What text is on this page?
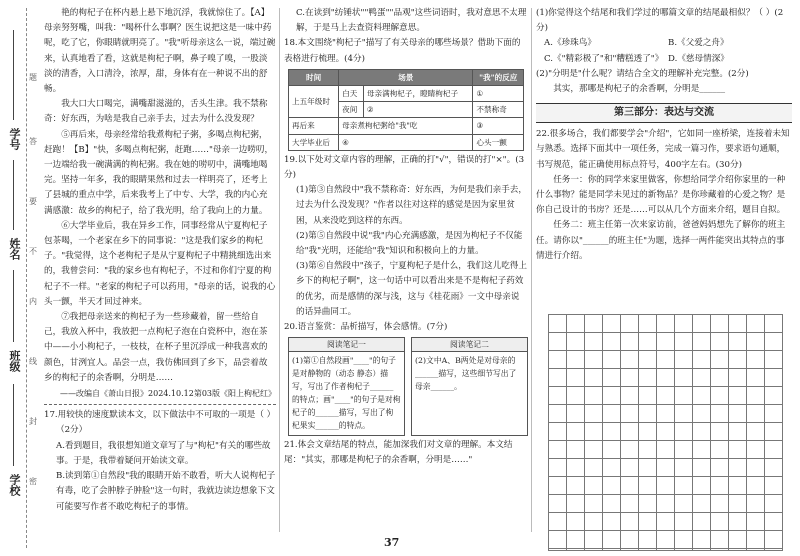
学号
姓名
班级
学校
题
答
要
不
内
线
封
密

艳的枸杞子在杯内悬上悬下地沉浮，我就惊住了。【A】母亲努努嘴，叫我："喝杯什么事啊？医生说把这是一味中药呢，吃了它，你眼睛就明亮了。"我"听母亲这么一说，端过碗来，认真地看了看，这就是枸杞子啊，鼻子嗅了嗅，一股淡淡的清香，入口清泠，浓厚，甜，身体有在一种说不出的舒畅。

我大口大口喝完，满嘴甜滋滋的，舌头生津。我不禁称奇：好东西，为啥是我自己亲手去，过去为什么没发现？

⑤再后来，母亲经常给我煮枸杞子粥，多喝点枸杞粥，赶跑！【B】"快，多喝点枸杞粥，赶跑……"母亲一边唠叨，一边端给我一碗满满的枸杞粥。我在她的唠叨中，满嘴地喝完。坚持一年多，我的眼睛果然和过去一样明亮了，还考上了县城的重点中学，后来我考上了中专、大学，我的内心充满感激：故乡的枸杞子，给了我光明，给了我向上的力量。

⑥大学毕业后，我在异乡工作，同事经常从宁夏枸杞子包茶喝，一个老家在乡下的同事说："这是我们家乡的枸杞子。"我觉得，这个老枸杞子是从宁夏枸杞子中精挑细选出来的，我曾尝问："我的家乡也有枸杞子，不过和你们宁夏的枸杞子不一样。"老家的枸杞子可以药用，"母亲的话，说我的心头一颤，半天才回过神来。

⑦我把母亲送来的枸杞子为一些珍藏着，留一些给自己，我放入杯中，我放把一点枸杞子泡在白瓷杯中，泡在茶中——小小枸杞子，一枝枝，在杯子里沉浮成一种我喜欢的颜色，甘洌宜人。品尝一点，我仿佛回到了乡下，品尝着故乡的枸杞子的余香啊，分明是……

——改编自《萧山日报》2024.10.12第03版《阳上枸杞红》

17.用较快的速度默读本文，以下做法中不可取的一项是（ ）

（2分）

A.看到题目，我很想知道文章写了与"枸杞"有关的哪些故事。于是，我带着疑问开始读文章。

B.读到第①自然段"我的眼睛开始不敢看，听大人说枸杞子有毒，吃了会肿脖子肿脸"这一句时，我就边读边想象下文可能要写作者不敢吃枸杞子的事情。

C.在读到"纺锤状""鸭蛋""品观"这些词语时，我对意思不太理解，于是马上去查资料理解意思。

18.本文围绕"枸杞子"描写了有关母亲的哪些场景？借助下面的表格进行梳理。(4分)

时间	场景		"我"的反应
上五年级时	白天	母亲满枸杞子，瞪睛枸杞子	①
	夜间	②	不禁称奇
再后来	母亲煮枸杞粥给"我"吃		③
大学毕业后	④		心头一颤

19.以下处对文章内容的理解，正确的打"√"，错误的打"×"。(3分)

(1)第③自然段中"我不禁称奇：好东西，为何是我们亲手去，过去为什么没发现？"作者以往对这样的感觉是因为家里贫困，从来没吃到这样的东西。

(2)第⑤自然段中说"我"内心充满感激，是因为枸杞子不仅能给"我"光明，还能给"我"知识和积极向上的力量。

(3)第⑥自然段中"孩子，宁夏枸杞子是什么，我们这儿吃得上乡下的枸杞子啊"，这一句话中可以看出来是不是枸杞子药效的优劣，而是感情的深与浅，这与《桂花雨》一文中母亲说的话异曲同工。

20.语言鉴赏：品析描写，体会感情。(7分)

阅读笔记一
(1)第①自然段画"____"的句子是对静物的（动态 静态）描写，写出了作者枸杞子______的特点；画"____"的句子是对枸杞子的______描写，写出了枸杞果实______的特点。
阅读笔记二
(2)文中A、B两处是对母亲的______描写，这些细节写出了母亲______。

21.体会文章结尾的特点，能加深我们对文章的理解。本文结尾："其实，那哪是枸杞子的余香啊，分明是……"

(1)你觉得这个结尾和我们学过的哪篇文章的结尾最相似？（ ）(2分)

A.《珍珠鸟》	B.《父爱之舟》
C.《"精彩极了"和"糟糕透了"》 D.《慈母情深》

(2)"分明是"什么呢？请结合全文的理解补充完整。(2分)

其实，那哪是枸杞子的余香啊，分明是______

第三部分：表达与交流

22.很多场合，我们都要学会"介绍"，它如同一座桥梁，连接着未知与熟悉。选择下面其中一项任务，完成一篇习作，要求语句通顺，书写规范，能正确使用标点符号，400字左右。(30分)

任务一：你的同学来家里做客，你想给同学介绍你家里的一种什么事物？能是同学未见过的新物品？是你珍藏着的心爱之物？是你自己设计的书房？还是……可以从几个方面来介绍，题目自拟。

任务二：班主任第一次来家访前，爸爸妈妈想先了解你的班主任。请你以"______的班主任"为题，选择一两件能突出其特点的事情进行介绍。

37
